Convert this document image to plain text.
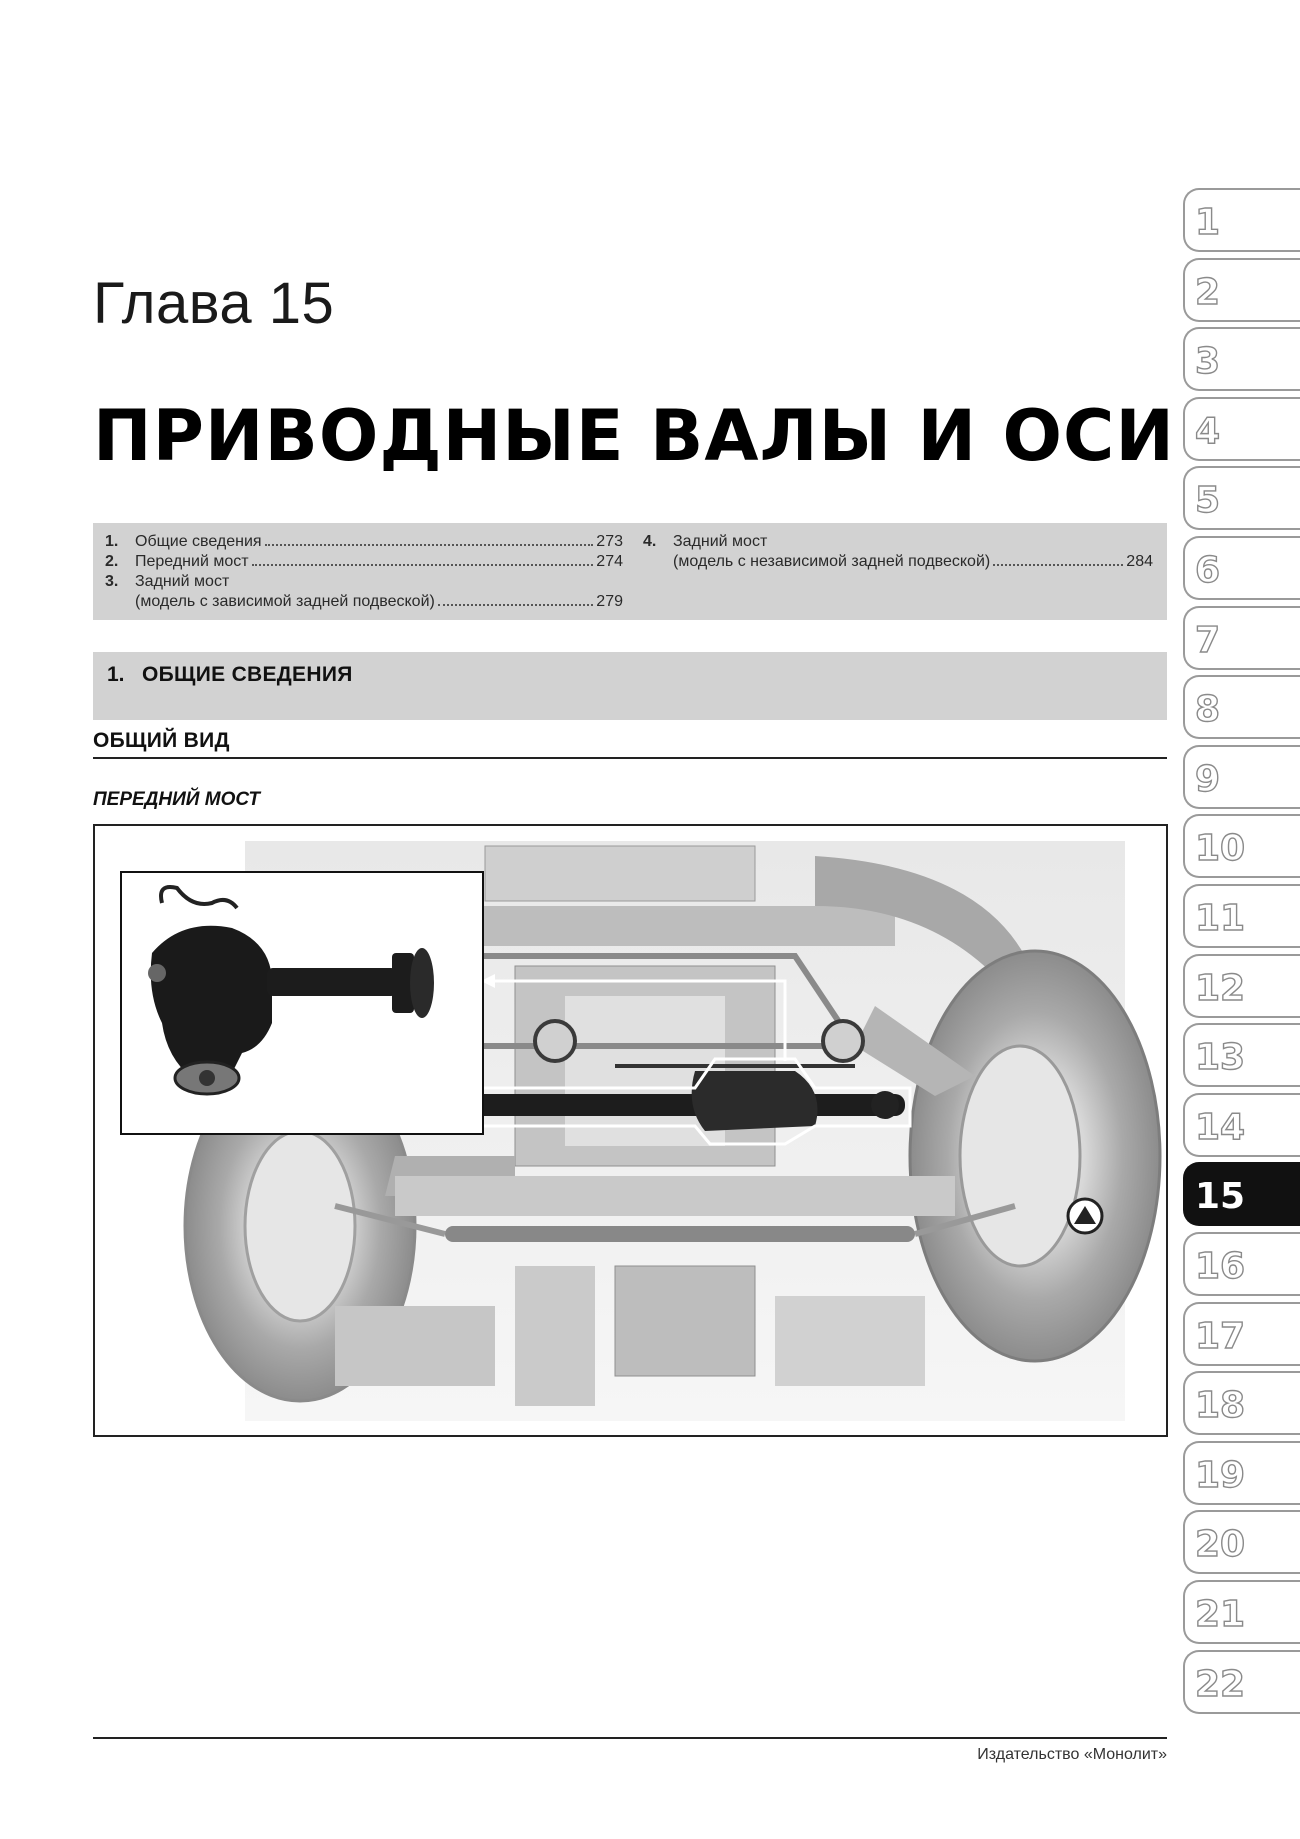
Глава 15
ПРИВОДНЫЕ ВАЛЫ И ОСИ
1.	Общие сведения	273
2.	Передний мост	274
3.	Задний мост
(модель с зависимой задней подвеской)	279
4.	Задний мост
(модель с независимой задней подвеской)	284
1. ОБЩИЕ СВЕДЕНИЯ
ОБЩИЙ ВИД
ПЕРЕДНИЙ МОСТ
Издательство «Монолит»
1
2
3
4
5
6
7
8
9
10
11
12
13
14
15
16
17
18
19
20
21
22
